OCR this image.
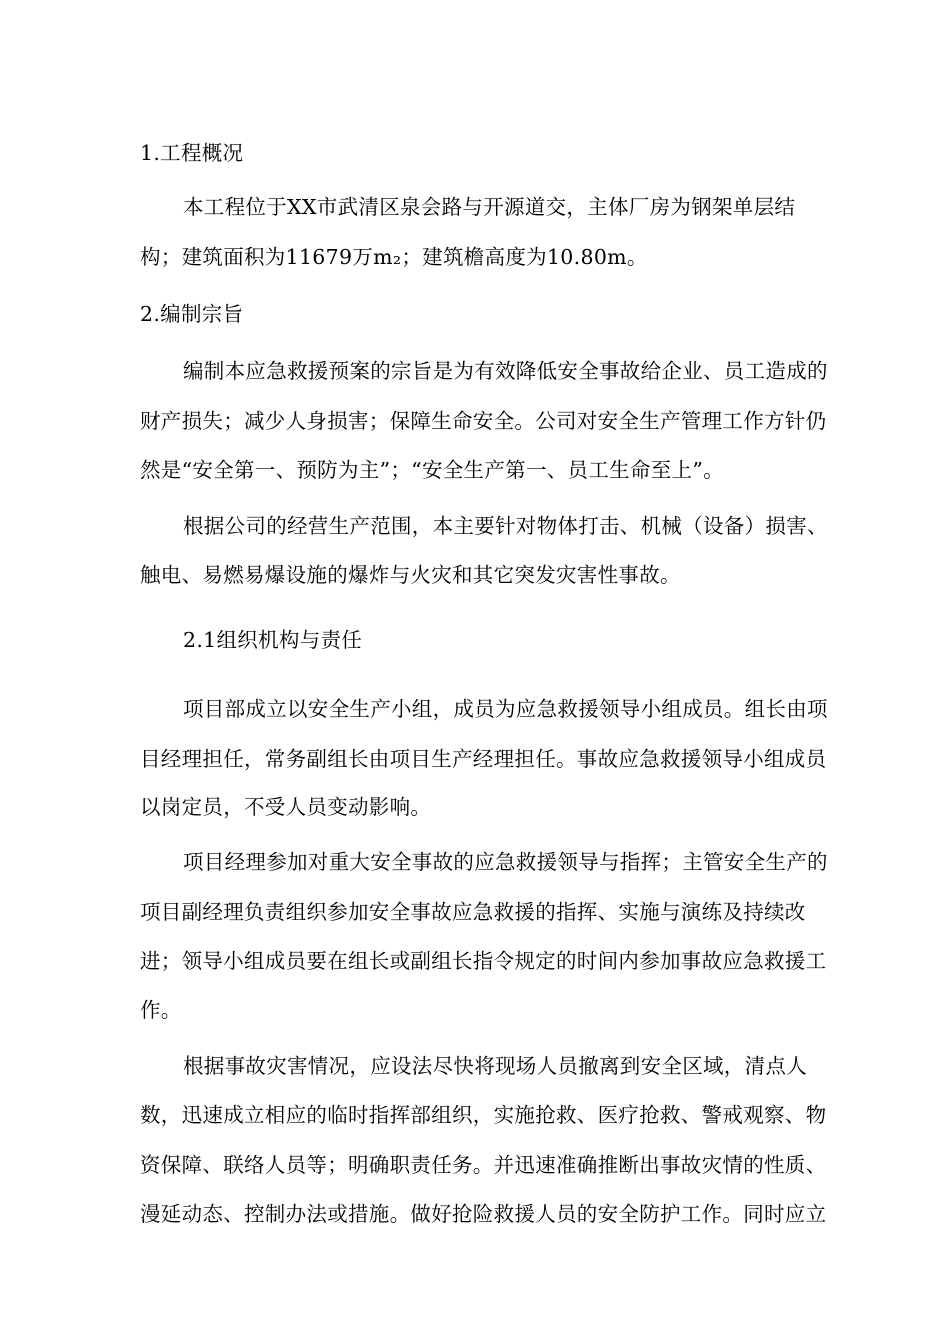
1.工程概况
本工程位于XX市武清区泉会路与开源道交，主体厂房为钢架单层结
构；建筑面积为11679万m₂；建筑檐高度为10.80m。
2.编制宗旨
编制本应急救援预案的宗旨是为有效降低安全事故给企业、员工造成的
财产损失；减少人身损害；保障生命安全。公司对安全生产管理工作方针仍
然是“安全第一、预防为主”；“安全生产第一、员工生命至上”。
根据公司的经营生产范围，本主要针对物体打击、机械（设备）损害、
触电、易燃易爆设施的爆炸与火灾和其它突发灾害性事故。
2.1组织机构与责任
项目部成立以安全生产小组，成员为应急救援领导小组成员。组长由项
目经理担任，常务副组长由项目生产经理担任。事故应急救援领导小组成员
以岗定员，不受人员变动影响。
项目经理参加对重大安全事故的应急救援领导与指挥；主管安全生产的
项目副经理负责组织参加安全事故应急救援的指挥、实施与演练及持续改
进；领导小组成员要在组长或副组长指令规定的时间内参加事故应急救援工
作。
根据事故灾害情况，应设法尽快将现场人员撤离到安全区域，清点人
数，迅速成立相应的临时指挥部组织，实施抢救、医疗抢救、警戒观察、物
资保障、联络人员等；明确职责任务。并迅速准确推断出事故灾情的性质、
漫延动态、控制办法或措施。做好抢险救援人员的安全防护工作。同时应立
